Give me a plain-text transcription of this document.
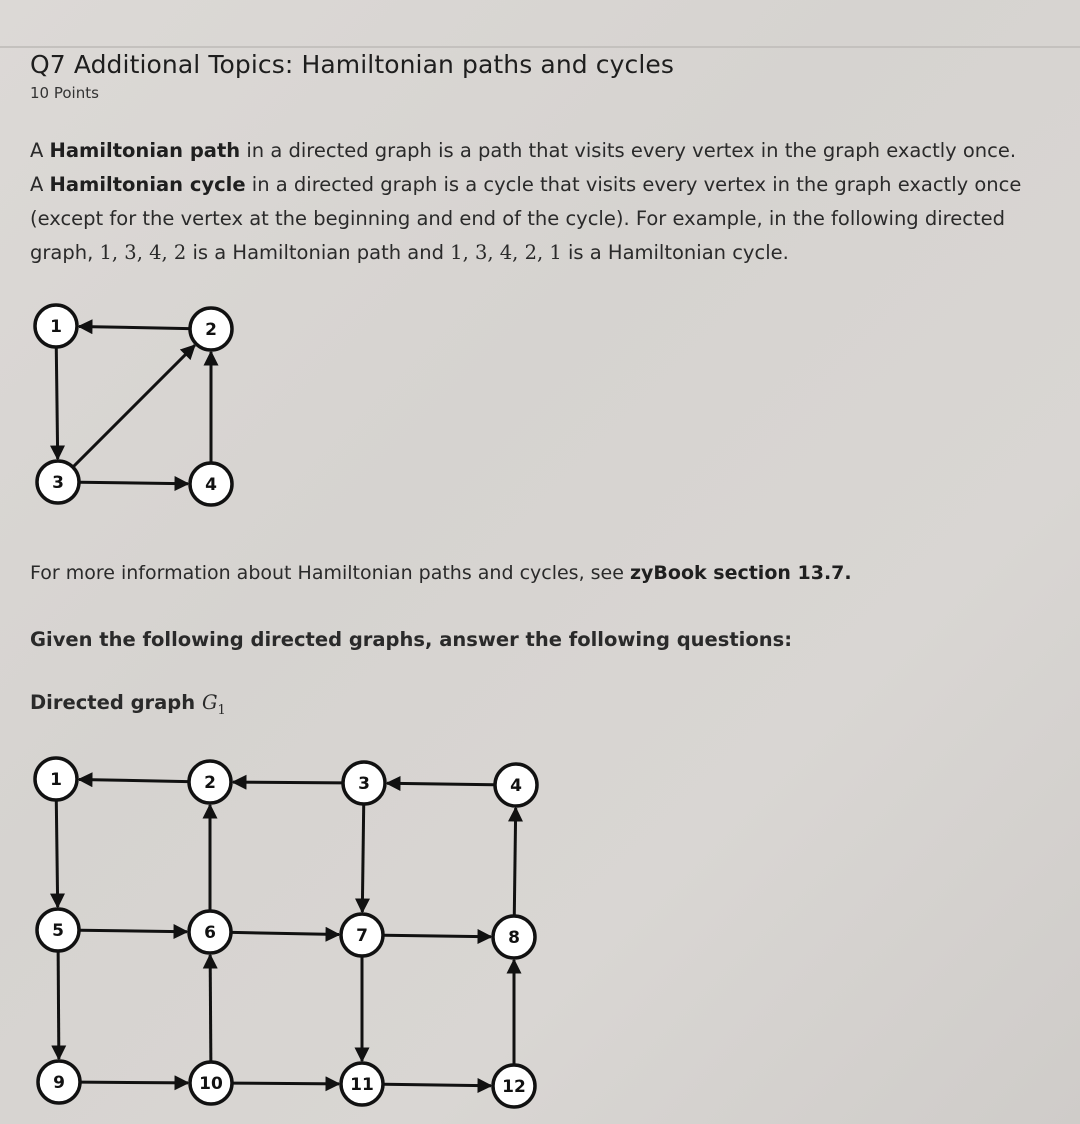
Q7 Additional Topics: Hamiltonian paths and cycles
10 Points
A Hamiltonian path in a directed graph is a path that visits every vertex in the graph exactly once.
A Hamiltonian cycle in a directed graph is a cycle that visits every vertex in the graph exactly once
(except for the vertex at the beginning and end of the cycle). For example, in the following directed
graph, 1, 3, 4, 2 is a Hamiltonian path and 1, 3, 4, 2, 1 is a Hamiltonian cycle.
1	2
3	4
1	2	3	4
5	6	7	8
9	10	11	12
For more information about Hamiltonian paths and cycles, see zyBook section 13.7.
Given the following directed graphs, answer the following questions:
Directed graph $G_1$
